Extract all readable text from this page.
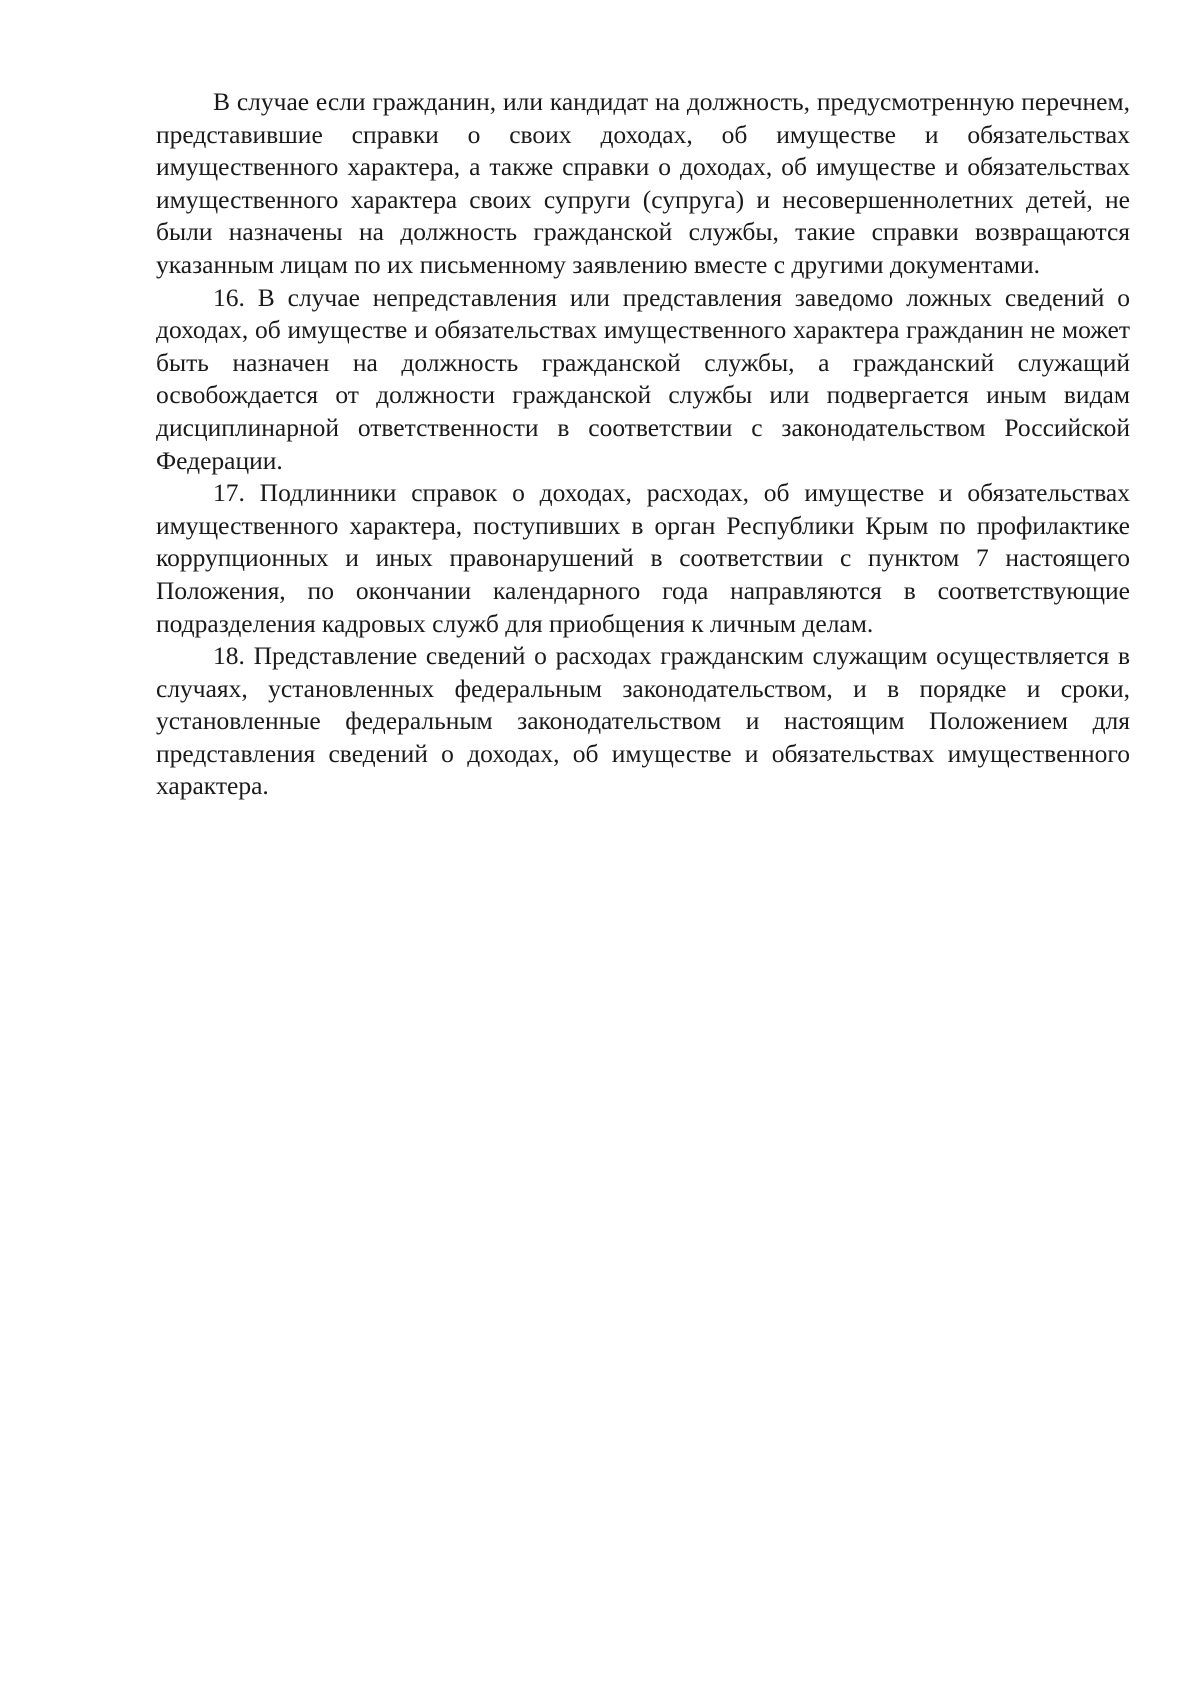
В случае если гражданин, или кандидат на должность, предусмотренную перечнем, представившие справки о своих доходах, об имуществе и обязательствах имущественного характера, а также справки о доходах, об имуществе и обязательствах имущественного характера своих супруги (супруга) и несовершеннолетних детей, не были назначены на должность гражданской службы, такие справки возвращаются указанным лицам по их письменному заявлению вместе с другими документами.

16. В случае непредставления или представления заведомо ложных сведений о доходах, об имуществе и обязательствах имущественного характера гражданин не может быть назначен на должность гражданской службы, а гражданский служащий освобождается от должности гражданской службы или подвергается иным видам дисциплинарной ответственности в соответствии с законодательством Российской Федерации.

17. Подлинники справок о доходах, расходах, об имуществе и обязательствах имущественного характера, поступивших в орган Республики Крым по профилактике коррупционных и иных правонарушений в соответствии с пунктом 7 настоящего Положения, по окончании календарного года направляются в соответствующие подразделения кадровых служб для приобщения к личным делам.

18. Представление сведений о расходах гражданским служащим осуществляется в случаях, установленных федеральным законодательством, и в порядке и сроки, установленные федеральным законодательством и настоящим Положением для представления сведений о доходах, об имуществе и обязательствах имущественного характера.
